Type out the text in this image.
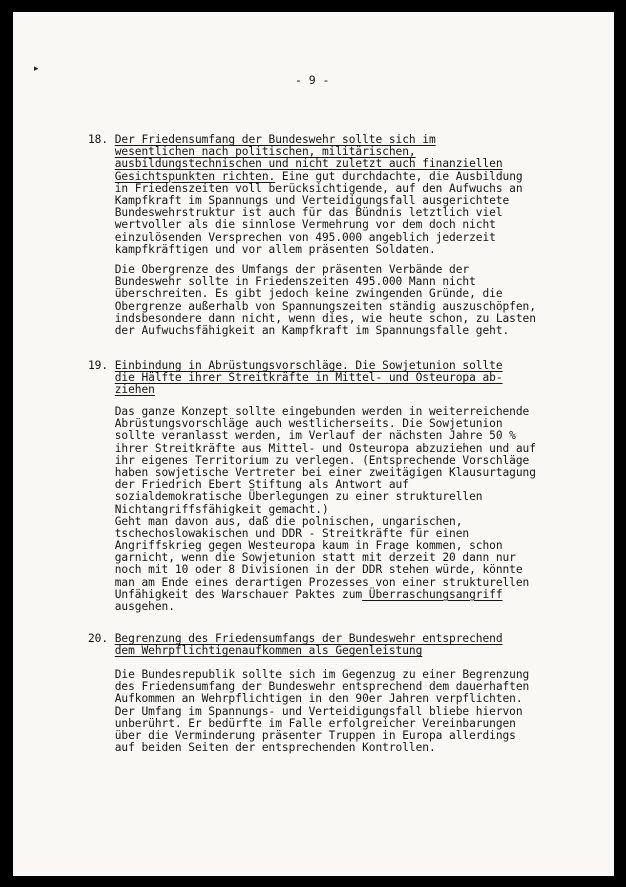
- 9 -
▸
18. Der Friedensumfang der Bundeswehr sollte sich im
wesentlichen nach politischen, militärischen,
ausbildungstechnischen und nicht zuletzt auch finanziellen
Gesichtspunkten richten. Eine gut durchdachte, die Ausbildung
in Friedenszeiten voll berücksichtigende, auf den Aufwuchs an
Kampfkraft im Spannungs und Verteidigungsfall ausgerichtete
Bundeswehrstruktur ist auch für das Bündnis letztlich viel
wertvoller als die sinnlose Vermehrung vor dem doch nicht
einzulösenden Versprechen von 495.000 angeblich jederzeit
kampfkräftigen und vor allem präsenten Soldaten.
Die Obergrenze des Umfangs der präsenten Verbände der
Bundeswehr sollte in Friedenszeiten 495.000 Mann nicht
überschreiten. Es gibt jedoch keine zwingenden Gründe, die
Obergrenze außerhalb von Spannungszeiten ständig auszuschöpfen,
indsbesondere dann nicht, wenn dies, wie heute schon, zu Lasten
der Aufwuchsfähigkeit an Kampfkraft im Spannungsfalle geht.
19. Einbindung in Abrüstungsvorschläge. Die Sowjetunion sollte
die Hälfte ihrer Streitkräfte in Mittel- und Osteuropa ab-
ziehen
Das ganze Konzept sollte eingebunden werden in weiterreichende
Abrüstungsvorschläge auch westlicherseits. Die Sowjetunion
sollte veranlasst werden, im Verlauf der nächsten Jahre 50 %
ihrer Streitkräfte aus Mittel- und Osteuropa abzuziehen und auf
ihr eigenes Territorium zu verlegen. (Entsprechende Vorschläge
haben sowjetische Vertreter bei einer zweitägigen Klausurtagung
der Friedrich Ebert Stiftung als Antwort auf
sozialdemokratische Überlegungen zu einer strukturellen
Nichtangriffsfähigkeit gemacht.)
Geht man davon aus, daß die polnischen, ungarischen,
tschechoslowakischen und DDR - Streitkräfte für einen
Angriffskrieg gegen Westeuropa kaum in Frage kommen, schon
garnicht, wenn die Sowjetunion statt mit derzeit 20 dann nur
noch mit 10 oder 8 Divisionen in der DDR stehen würde, könnte
man am Ende eines derartigen Prozesses von einer strukturellen
Unfähigkeit des Warschauer Paktes zum Überraschungsangriff
ausgehen.
20. Begrenzung des Friedensumfangs der Bundeswehr entsprechend
dem Wehrpflichtigenaufkommen als Gegenleistung
Die Bundesrepublik sollte sich im Gegenzug zu einer Begrenzung
des Friedensumfang der Bundeswehr entsprechend dem dauerhaften
Aufkommen an Wehrpflichtigen in den 90er Jahren verpflichten.
Der Umfang im Spannungs- und Verteidigungsfall bliebe hiervon
unberührt. Er bedürfte im Falle erfolgreicher Vereinbarungen
über die Verminderung präsenter Truppen in Europa allerdings
auf beiden Seiten der entsprechenden Kontrollen.
